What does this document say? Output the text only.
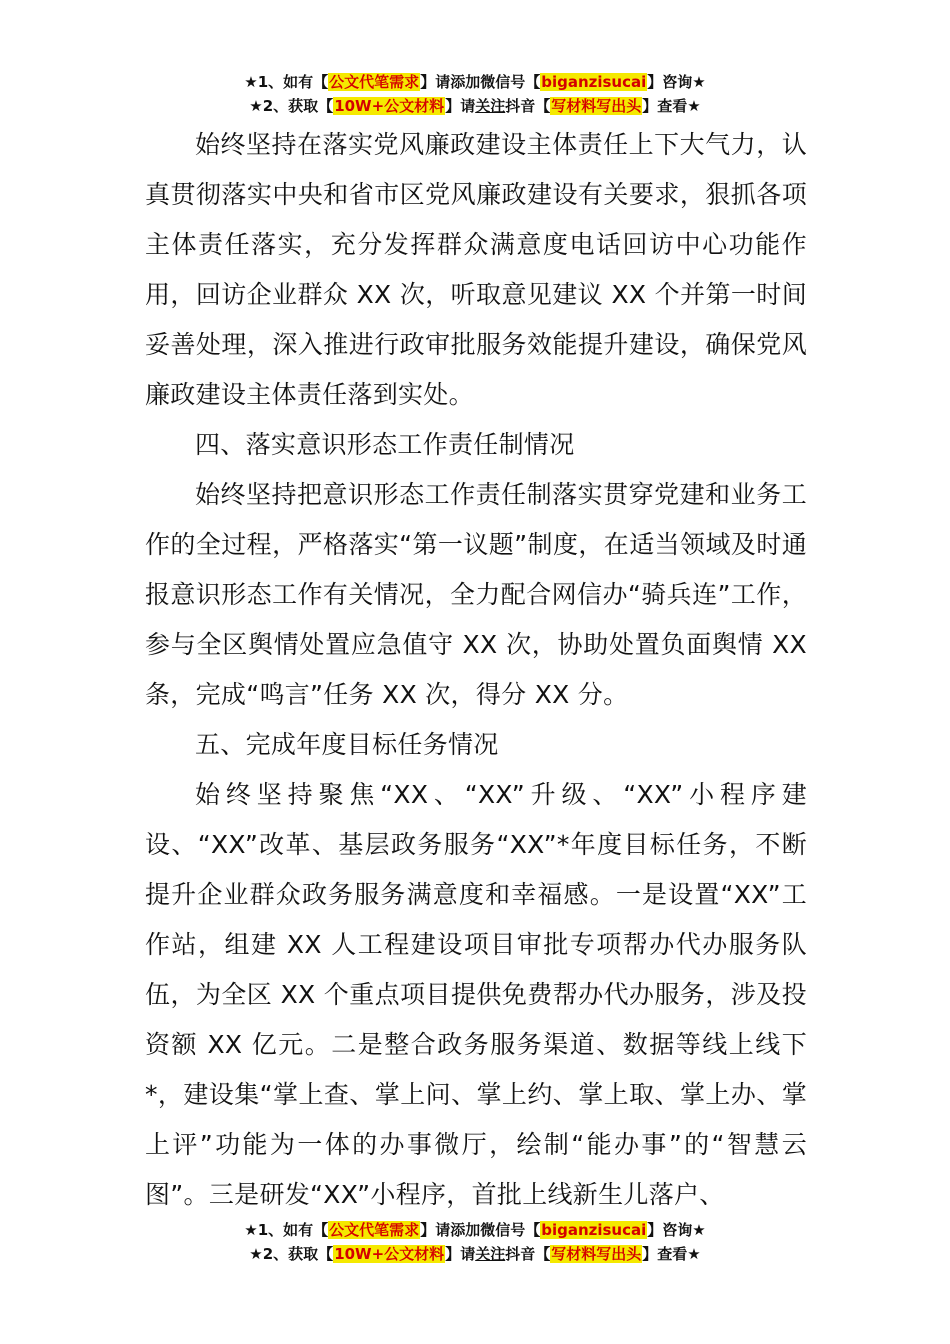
★1、如有【公文代笔需求】请添加微信号【biganzisucai】咨询★
★2、获取【10W+公文材料】请关注抖音【写材料写出头】查看★

始终坚持在落实党风廉政建设主体责任上下大气力，认真贯彻落实中央和省市区党风廉政建设有关要求，狠抓各项主体责任落实，充分发挥群众满意度电话回访中心功能作用，回访企业群众 XX 次，听取意见建议 XX 个并第一时间妥善处理，深入推进行政审批服务效能提升建设，确保党风廉政建设主体责任落到实处。

四、落实意识形态工作责任制情况

始终坚持把意识形态工作责任制落实贯穿党建和业务工作的全过程，严格落实“第一议题”制度，在适当领域及时通报意识形态工作有关情况，全力配合网信办“骑兵连”工作，参与全区舆情处置应急值守 XX 次，协助处置负面舆情 XX 条，完成“鸣言”任务 XX 次，得分 XX 分。

五、完成年度目标任务情况

始终坚持聚焦“XX、“XX”升级、“XX”小程序建设、“XX”改革、基层政务服务“XX”*年度目标任务，不断提升企业群众政务服务满意度和幸福感。一是设置“XX”工作站，组建 XX 人工程建设项目审批专项帮办代办服务队伍，为全区 XX 个重点项目提供免费帮办代办服务，涉及投资额 XX 亿元。二是整合政务服务渠道、数据等线上线下*，建设集“掌上查、掌上问、掌上约、掌上取、掌上办、掌上评”功能为一体的办事微厅，绘制“能办事”的“智慧云图”。三是研发“XX”小程序，首批上线新生儿落户、

★1、如有【公文代笔需求】请添加微信号【biganzisucai】咨询★
★2、获取【10W+公文材料】请关注抖音【写材料写出头】查看★
